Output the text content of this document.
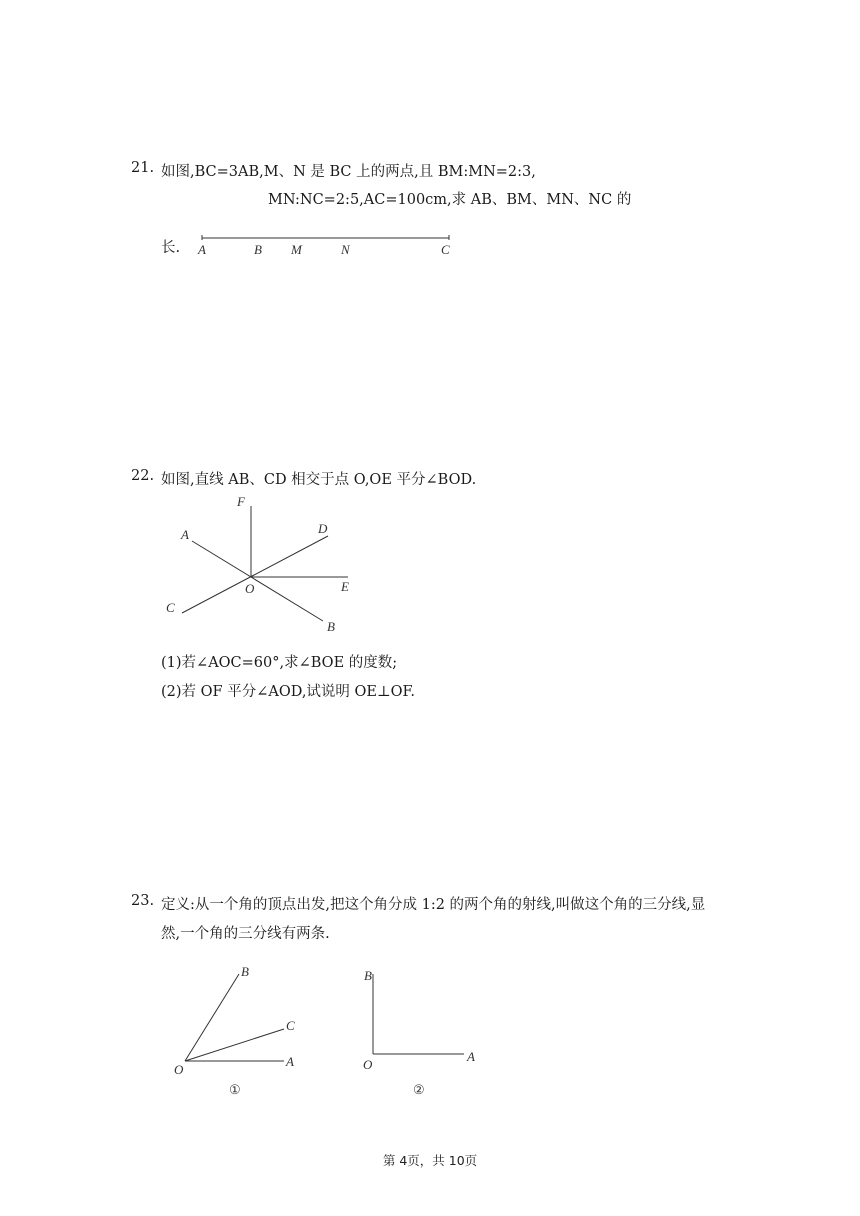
21. 如图,BC=3AB,M、N 是 BC 上的两点,且 BM:MN=2:3,
MN:NC=2:5,AC=100cm,求 AB、BM、MN、NC 的
长. A	B M	N	C
22. 如图,直线 AB、CD 相交于点 O,OE 平分∠BOD.
F
A	D
O	E
C
B
(1)若∠AOC=60°,求∠BOE 的度数;
(2)若 OF 平分∠AOD,试说明 OE⊥OF.
23. 定义:从一个角的顶点出发,把这个角分成 1:2 的两个角的射线,叫做这个角的三分线,显
然,一个角的三分线有两条.
B
C
O
A
①
B
O
A
②
第 4页，共 10页
